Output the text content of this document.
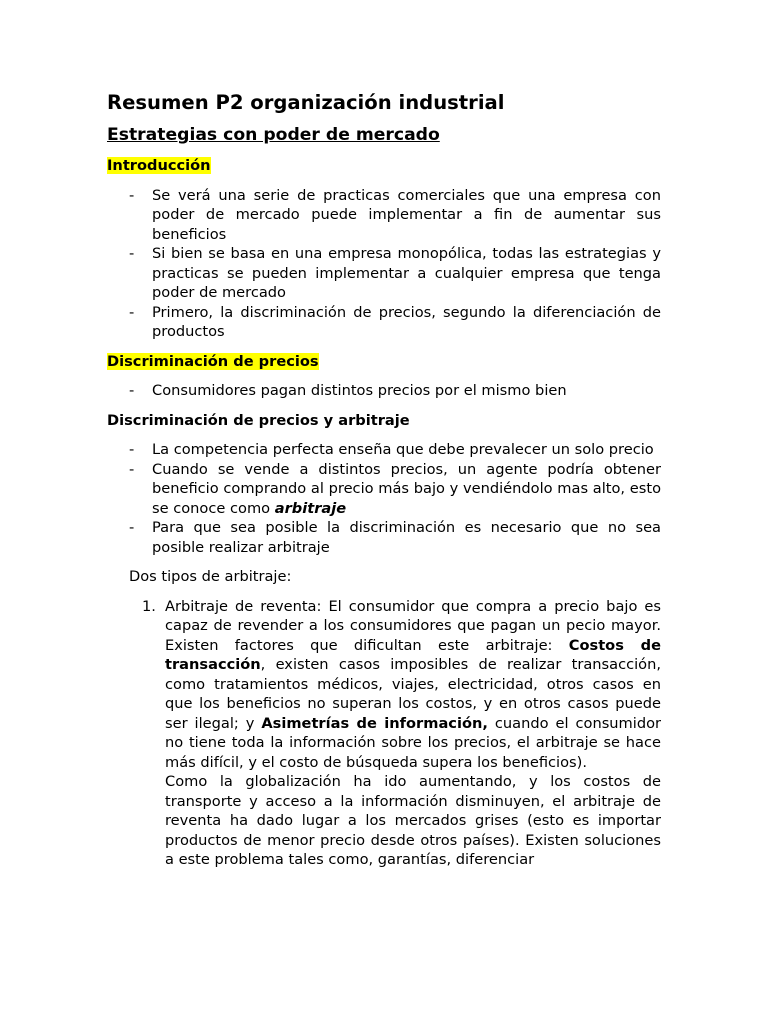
Resumen P2 organización industrial
Estrategias con poder de mercado
Introducción
- Se verá una serie de practicas comerciales que una empresa con poder de mercado puede implementar a fin de aumentar sus beneficios
- Si bien se basa en una empresa monopólica, todas las estrategias y practicas se pueden implementar a cualquier empresa que tenga poder de mercado
- Primero, la discriminación de precios, segundo la diferenciación de productos
Discriminación de precios
- Consumidores pagan distintos precios por el mismo bien
Discriminación de precios y arbitraje
- La competencia perfecta enseña que debe prevalecer un solo precio
- Cuando se vende a distintos precios, un agente podría obtener beneficio comprando al precio más bajo y vendiéndolo mas alto, esto se conoce como arbitraje
- Para que sea posible la discriminación es necesario que no sea posible realizar arbitraje
Dos tipos de arbitraje:
1. Arbitraje de reventa: El consumidor que compra a precio bajo es capaz de revender a los consumidores que pagan un pecio mayor. Existen factores que dificultan este arbitraje: Costos de transacción, existen casos imposibles de realizar transacción, como tratamientos médicos, viajes, electricidad, otros casos en que los beneficios no superan los costos, y en otros casos puede ser ilegal; y Asimetrías de información, cuando el consumidor no tiene toda la información sobre los precios, el arbitraje se hace más difícil, y el costo de búsqueda supera los beneficios).

Como la globalización ha ido aumentando, y los costos de transporte y acceso a la información disminuyen, el arbitraje de reventa ha dado lugar a los mercados grises (esto es importar productos de menor precio desde otros países). Existen soluciones a este problema tales como, garantías, diferenciar
